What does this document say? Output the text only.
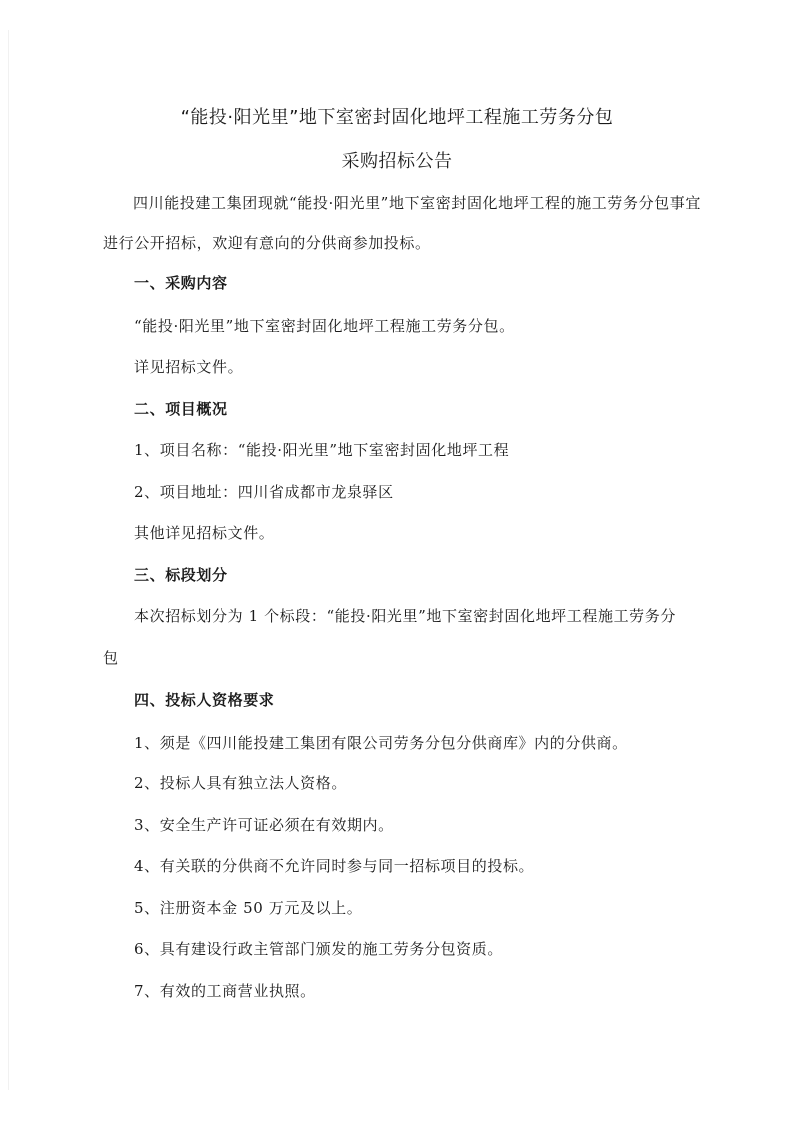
“能投·阳光里”地下室密封固化地坪工程施工劳务分包
采购招标公告
四川能投建工集团现就“能投·阳光里”地下室密封固化地坪工程的施工劳务分包事宜进行公开招标，欢迎有意向的分供商参加投标。
一、采购内容
“能投·阳光里”地下室密封固化地坪工程施工劳务分包。
详见招标文件。
二、项目概况
1、项目名称：“能投·阳光里”地下室密封固化地坪工程
2、项目地址：四川省成都市龙泉驿区
其他详见招标文件。
三、标段划分
本次招标划分为 1 个标段：“能投·阳光里”地下室密封固化地坪工程施工劳务分
包
四、投标人资格要求
1、须是《四川能投建工集团有限公司劳务分包分供商库》内的分供商。
2、投标人具有独立法人资格。
3、安全生产许可证必须在有效期内。
4、有关联的分供商不允许同时参与同一招标项目的投标。
5、注册资本金 50 万元及以上。
6、具有建设行政主管部门颁发的施工劳务分包资质。
7、有效的工商营业执照。
